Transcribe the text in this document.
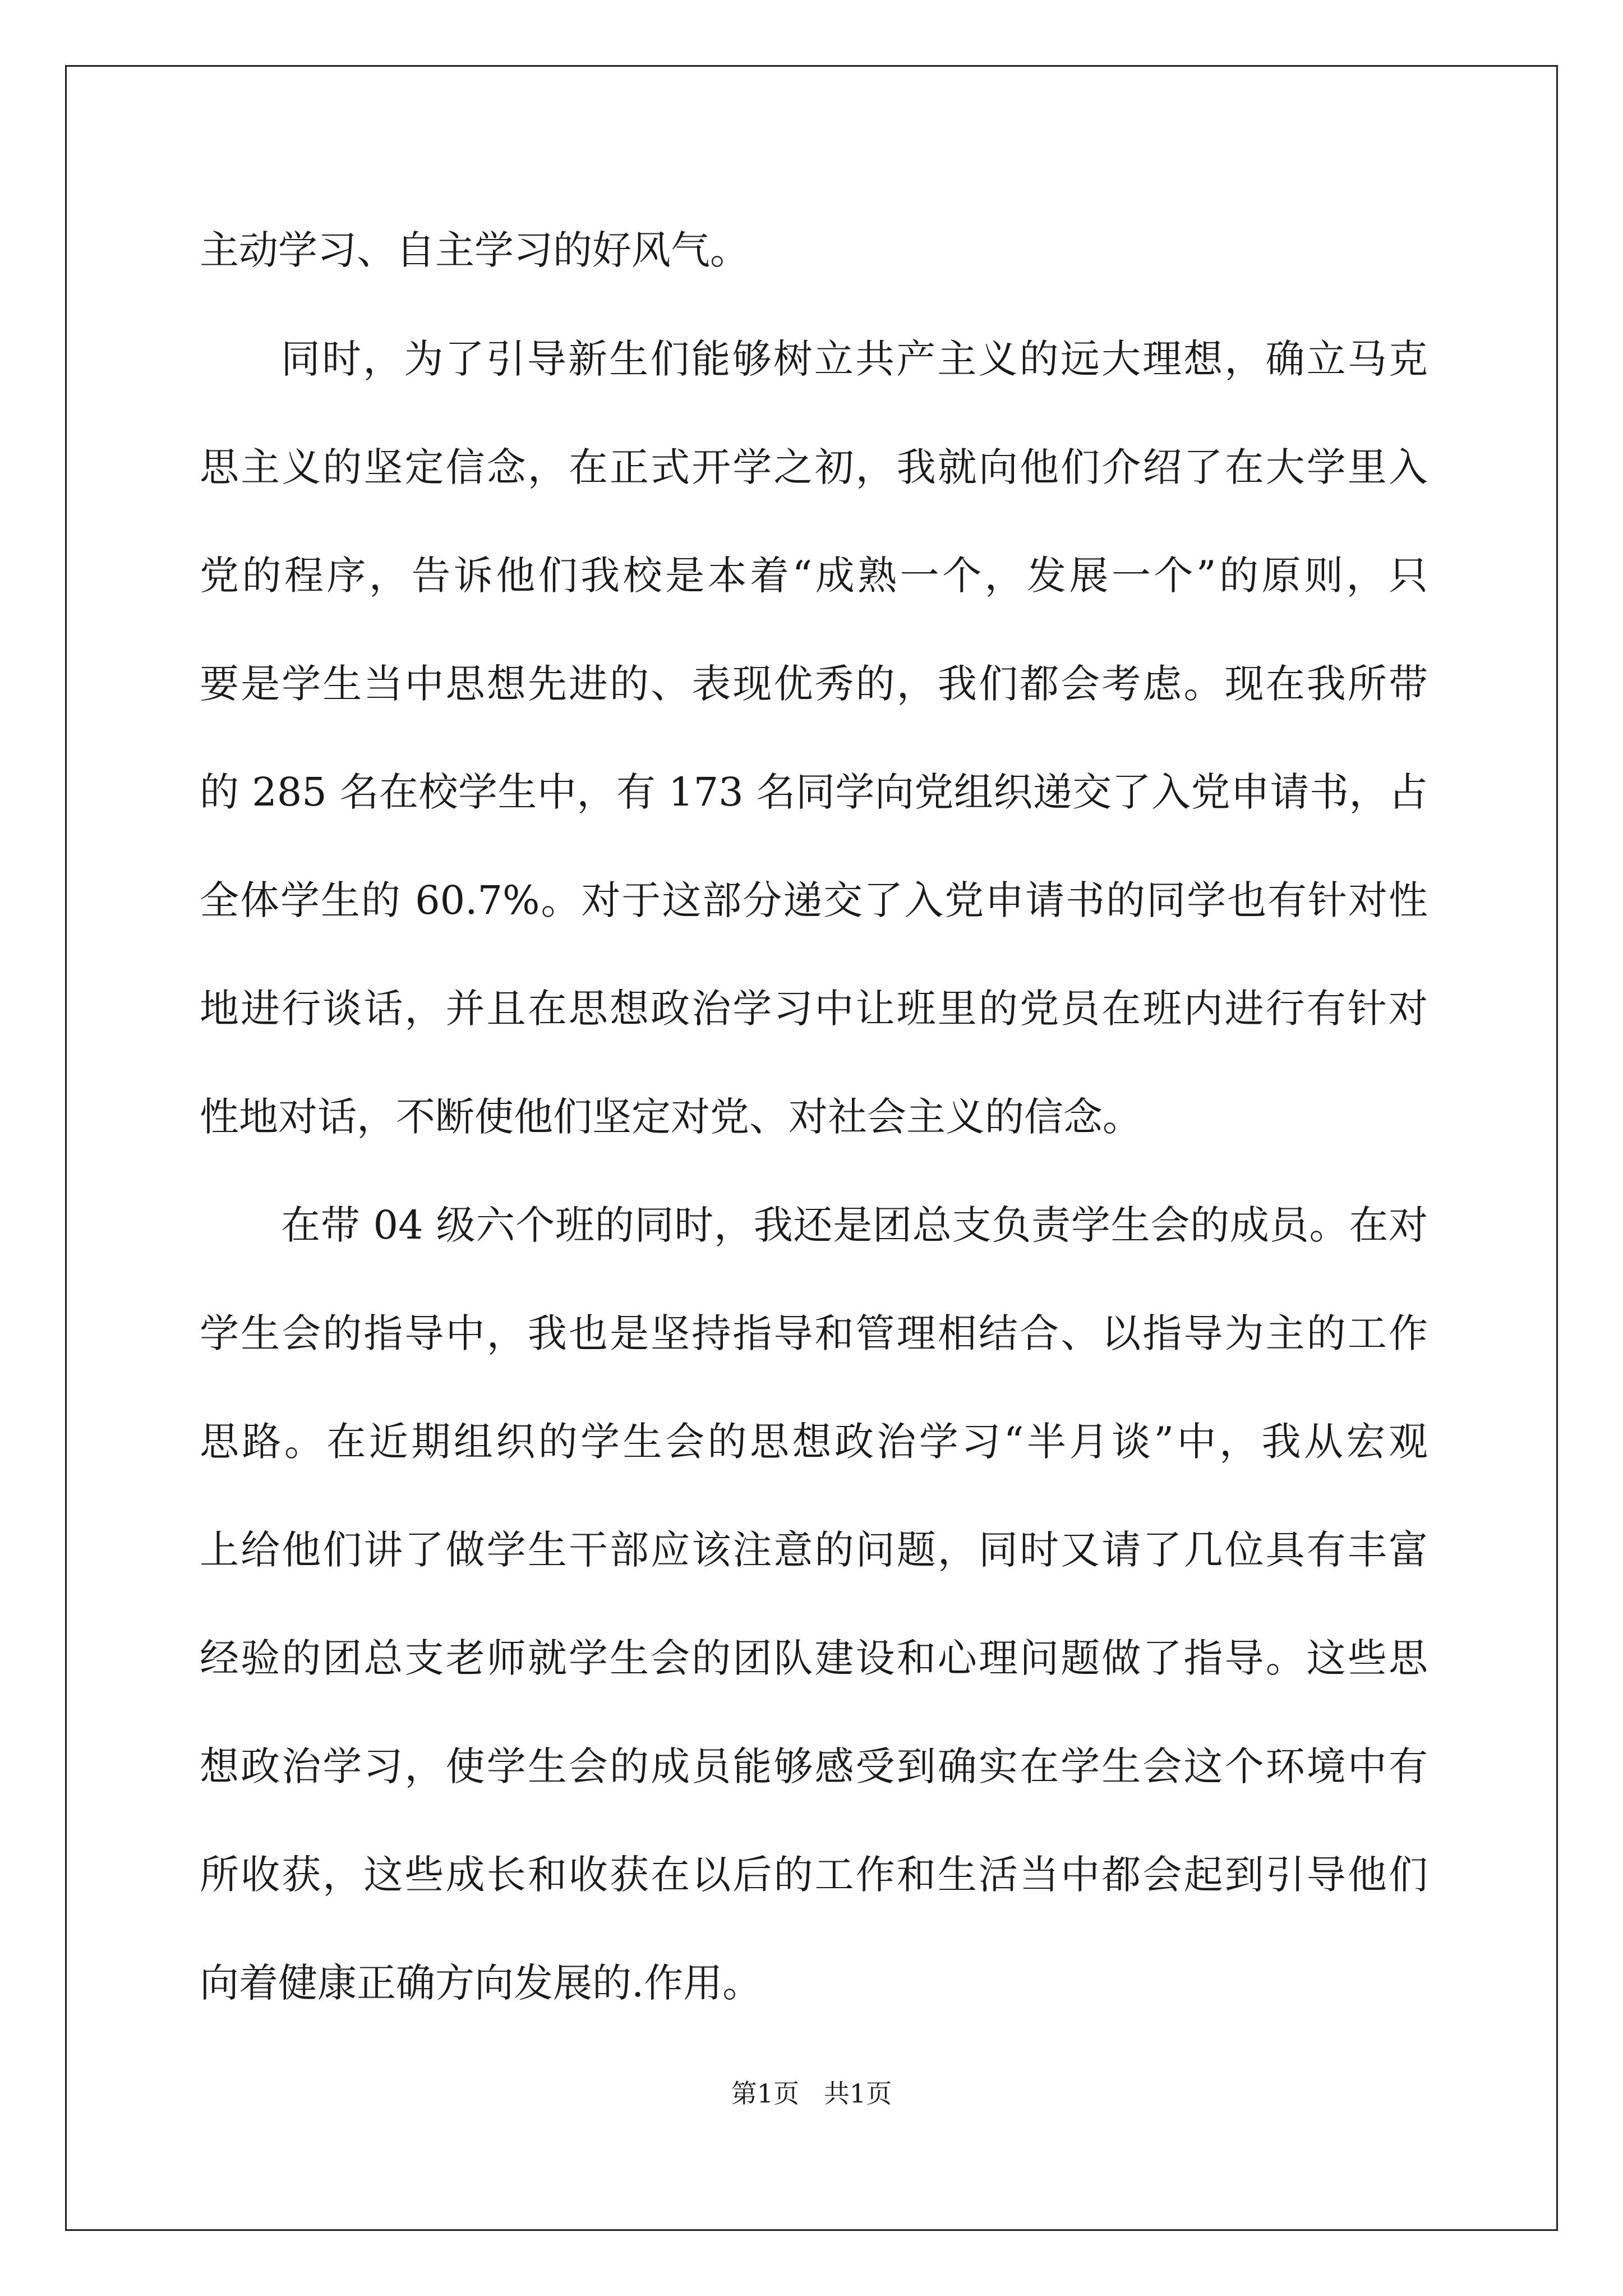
主动学习、自主学习的好风气。
同时，为了引导新生们能够树立共产主义的远大理想，确立马克
思主义的坚定信念，在正式开学之初，我就向他们介绍了在大学里入
党的程序，告诉他们我校是本着“成熟一个，发展一个”的原则，只
要是学生当中思想先进的、表现优秀的，我们都会考虑。现在我所带
的 285 名在校学生中，有 173 名同学向党组织递交了入党申请书，占
全体学生的 60.7%。对于这部分递交了入党申请书的同学也有针对性
地进行谈话，并且在思想政治学习中让班里的党员在班内进行有针对
性地对话，不断使他们坚定对党、对社会主义的信念。
在带 04 级六个班的同时，我还是团总支负责学生会的成员。在对
学生会的指导中，我也是坚持指导和管理相结合、以指导为主的工作
思路。在近期组织的学生会的思想政治学习“半月谈”中，我从宏观
上给他们讲了做学生干部应该注意的问题，同时又请了几位具有丰富
经验的团总支老师就学生会的团队建设和心理问题做了指导。这些思
想政治学习，使学生会的成员能够感受到确实在学生会这个环境中有
所收获，这些成长和收获在以后的工作和生活当中都会起到引导他们
向着健康正确方向发展的.作用。
第1页   共1页
